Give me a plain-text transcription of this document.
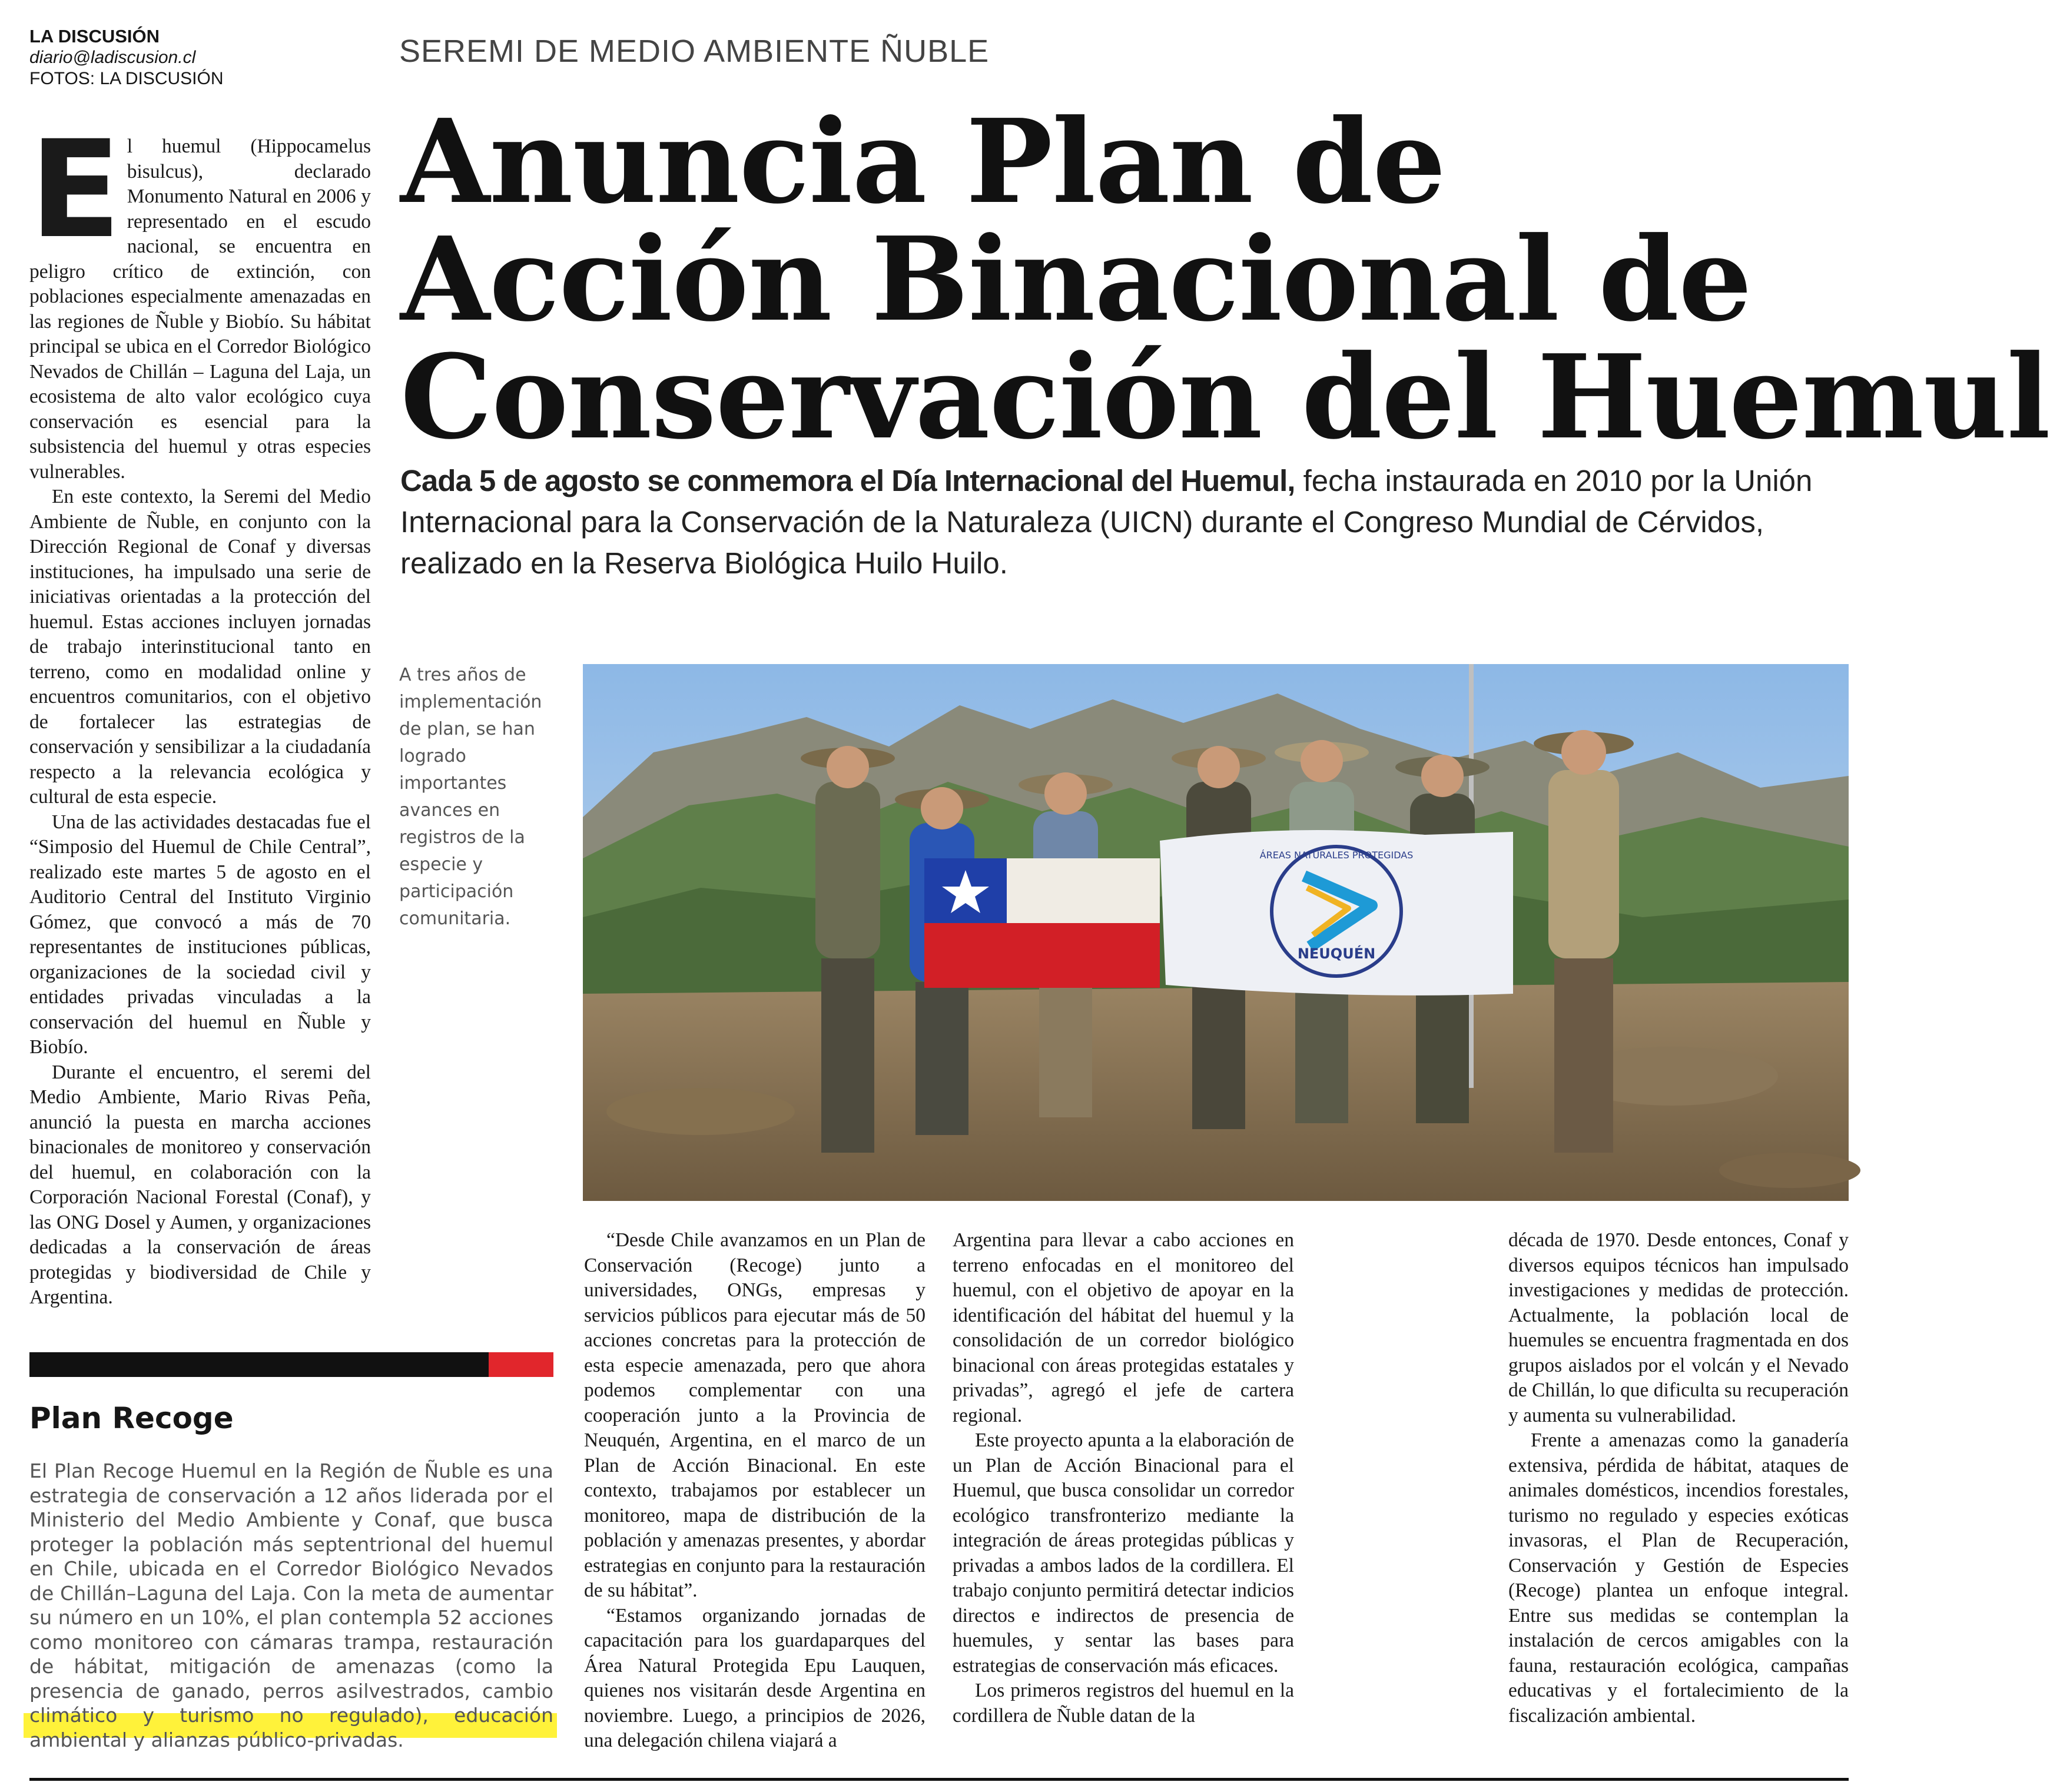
LA DISCUSIÓN
diario@ladiscusion.cl
FOTOS: LA DISCUSIÓN
SEREMI DE MEDIO AMBIENTE ÑUBLE
Anuncia Plan de
Acción Binacional de
Conservación del Huemul
Cada 5 de agosto se conmemora el Día Internacional del Huemul, fecha instaurada en 2010 por la Unión Internacional para la Conservación de la Naturaleza (UICN) durante el Congreso Mundial de Cérvidos, realizado en la Reserva Biológica Huilo Huilo.

El huemul (Hippocamelus bisulcus), declarado Monumento Natural en 2006 y representado en el escudo nacional, se encuentra en peligro crítico de extinción, con poblaciones especialmente amenazadas en las regiones de Ñuble y Biobío. Su hábitat principal se ubica en el Corredor Biológico Nevados de Chillán – Laguna del Laja, un ecosistema de alto valor ecológico cuya conservación es esencial para la subsistencia del huemul y otras especies vulnerables.

En este contexto, la Seremi del Medio Ambiente de Ñuble, en conjunto con la Dirección Regional de Conaf y diversas instituciones, ha impulsado una serie de iniciativas orientadas a la protección del huemul. Estas acciones incluyen jornadas de trabajo interinstitucional tanto en terreno, como en modalidad online y encuentros comunitarios, con el objetivo de fortalecer las estrategias de conservación y sensibilizar a la ciudadanía respecto a la relevancia ecológica y cultural de esta especie.

Una de las actividades destacadas fue el “Simposio del Huemul de Chile Central”, realizado este martes 5 de agosto en el Auditorio Central del Instituto Virginio Gómez, que convocó a más de 70 representantes de instituciones públicas, organizaciones de la sociedad civil y entidades privadas vinculadas a la conservación del huemul en Ñuble y Biobío.

Durante el encuentro, el seremi del Medio Ambiente, Mario Rivas Peña, anunció la puesta en marcha acciones binacionales de monitoreo y conservación del huemul, en colaboración con la Corporación Nacional Forestal (Conaf), y las ONG Dosel y Aumen, y organizaciones dedicadas a la conservación de áreas protegidas y biodiversidad de Chile y Argentina.

A tres años de implementación de plan, se han logrado importantes avances en registros de la especie y participación comunitaria.
NEUQUÉN
ÁREAS NATURALES PROTEGIDAS

“Desde Chile avanzamos en un Plan de Conservación (Recoge) junto a universidades, ONGs, empresas y servicios públicos para ejecutar más de 50 acciones concretas para la protección de esta especie amenazada, pero que ahora podemos complementar con una cooperación junto a la Provincia de Neuquén, Argentina, en el marco de un Plan de Acción Binacional. En este contexto, trabajamos por establecer un monitoreo, mapa de distribución de la población y amenazas presentes, y abordar estrategias en conjunto para la restauración de su hábitat”.

“Estamos organizando jornadas de capacitación para los guardaparques del Área Natural Protegida Epu Lauquen, quienes nos visitarán desde Argentina en noviembre. Luego, a principios de 2026, una delegación chilena viajará a

Argentina para llevar a cabo acciones en terreno enfocadas en el monitoreo del huemul, con el objetivo de apoyar en la identificación del hábitat del huemul y la consolidación de un corredor biológico binacional con áreas protegidas estatales y privadas”, agregó el jefe de cartera regional.

Este proyecto apunta a la elaboración de un Plan de Acción Binacional para el Huemul, que busca consolidar un corredor ecológico transfronterizo mediante la integración de áreas protegidas públicas y privadas a ambos lados de la cordillera. El trabajo conjunto permitirá detectar indicios directos e indirectos de presencia de huemules, y sentar las bases para estrategias de conservación más eficaces.

Los primeros registros del huemul en la cordillera de Ñuble datan de la

década de 1970. Desde entonces, Conaf y diversos equipos técnicos han impulsado investigaciones y medidas de protección. Actualmente, la población local de huemules se encuentra fragmentada en dos grupos aislados por el volcán y el Nevado de Chillán, lo que dificulta su recuperación y aumenta su vulnerabilidad.

Frente a amenazas como la ganadería extensiva, pérdida de hábitat, ataques de animales domésticos, incendios forestales, turismo no regulado y especies exóticas invasoras, el Plan de Recuperación, Conservación y Gestión de Especies (Recoge) plantea un enfoque integral. Entre sus medidas se contemplan la instalación de cercos amigables con la fauna, restauración ecológica, campañas educativas y el fortalecimiento de la fiscalización ambiental.

Plan Recoge
El Plan Recoge Huemul en la Región de Ñuble es una estrategia de conservación a 12 años liderada por el Ministerio del Medio Ambiente y Conaf, que busca proteger la población más septentrional del huemul en Chile, ubicada en el Corredor Biológico Nevados de Chillán–Laguna del Laja. Con la meta de aumentar su número en un 10%, el plan contempla 52 acciones como monitoreo con cámaras trampa, restauración de hábitat, mitigación de amenazas (como la presencia de ganado, perros asilvestrados, cambio climático y turismo no regulado), educación ambiental y alianzas público-privadas.
